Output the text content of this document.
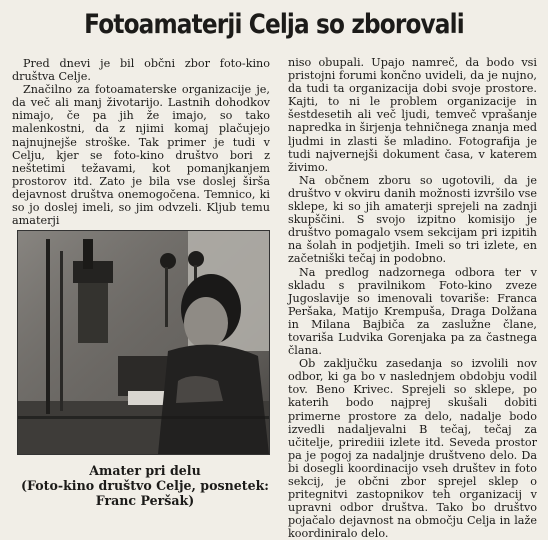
Fotoamaterji Celja so zborovali

Pred dnevi je bil občni zbor foto-kino društva Celje.

Značilno za fotoamaterske organizacije je, da več ali manj životarijo. Lastnih dohodkov nimajo, če pa jih že imajo, so tako malenkostni, da z njimi komaj plačujejo najnujnejše stroške. Tak primer je tudi v Celju, kjer se foto-kino društvo bori z neštetimi težavami, kot pomanjkanjem prostorov itd. Zato je bila vse doslej širša dejavnost društva onemogočena. Temnico, ki so jo doslej imeli, so jim odvzeli. Kljub temu amaterji

Amater pri delu
(Foto-kino društvo Celje, posnetek: Franc Peršak)

niso obupali. Upajo namreč, da bodo vsi pristojni forumi končno uvideli, da je nujno, da tudi ta organizacija dobi svoje prostore. Kajti, to ni le problem organizacije in šestdesetih ali več ljudi, temveč vprašanje napredka in širjenja tehničnega znanja med ljudmi in zlasti še mladino. Fotografija je tudi najvernejši dokument časa, v katerem živimo.

Na občnem zboru so ugotovili, da je društvo v okviru danih možnosti izvršilo vse sklepe, ki so jih amaterji sprejeli na zadnji skupščini. S svojo izpitno komisijo je društvo pomagalo vsem sekcijam pri izpitih na šolah in podjetjih. Imeli so tri izlete, en začetniški tečaj in podobno.

Na predlog nadzornega odbora ter v skladu s pravilnikom Foto-kino zveze Jugoslavije so imenovali tovariše: Franca Peršaka, Matijo Krempuša, Draga Dolžana in Milana Bajbiča za zaslužne člane, tovariša Ludvika Gorenjaka pa za častnega člana.

Ob zaključku zasedanja so izvolili nov odbor, ki ga bo v naslednjem obdobju vodil tov. Beno Krivec. Sprejeli so sklepe, po katerih bodo najprej skušali dobiti primerne prostore za delo, nadalje bodo izvedli nadaljevalni B tečaj, tečaj za učitelje, prirediii izlete itd. Seveda prostor pa je pogoj za nadaljnje društveno delo. Da bi dosegli koordinacijo vseh društev in foto sekcij, je občni zbor sprejel sklep o pritegnitvi zastopnikov teh organizacij v upravni odbor društva. Tako bo društvo pojačalo dejavnost na območju Celja in laže koordiniralo delo.
